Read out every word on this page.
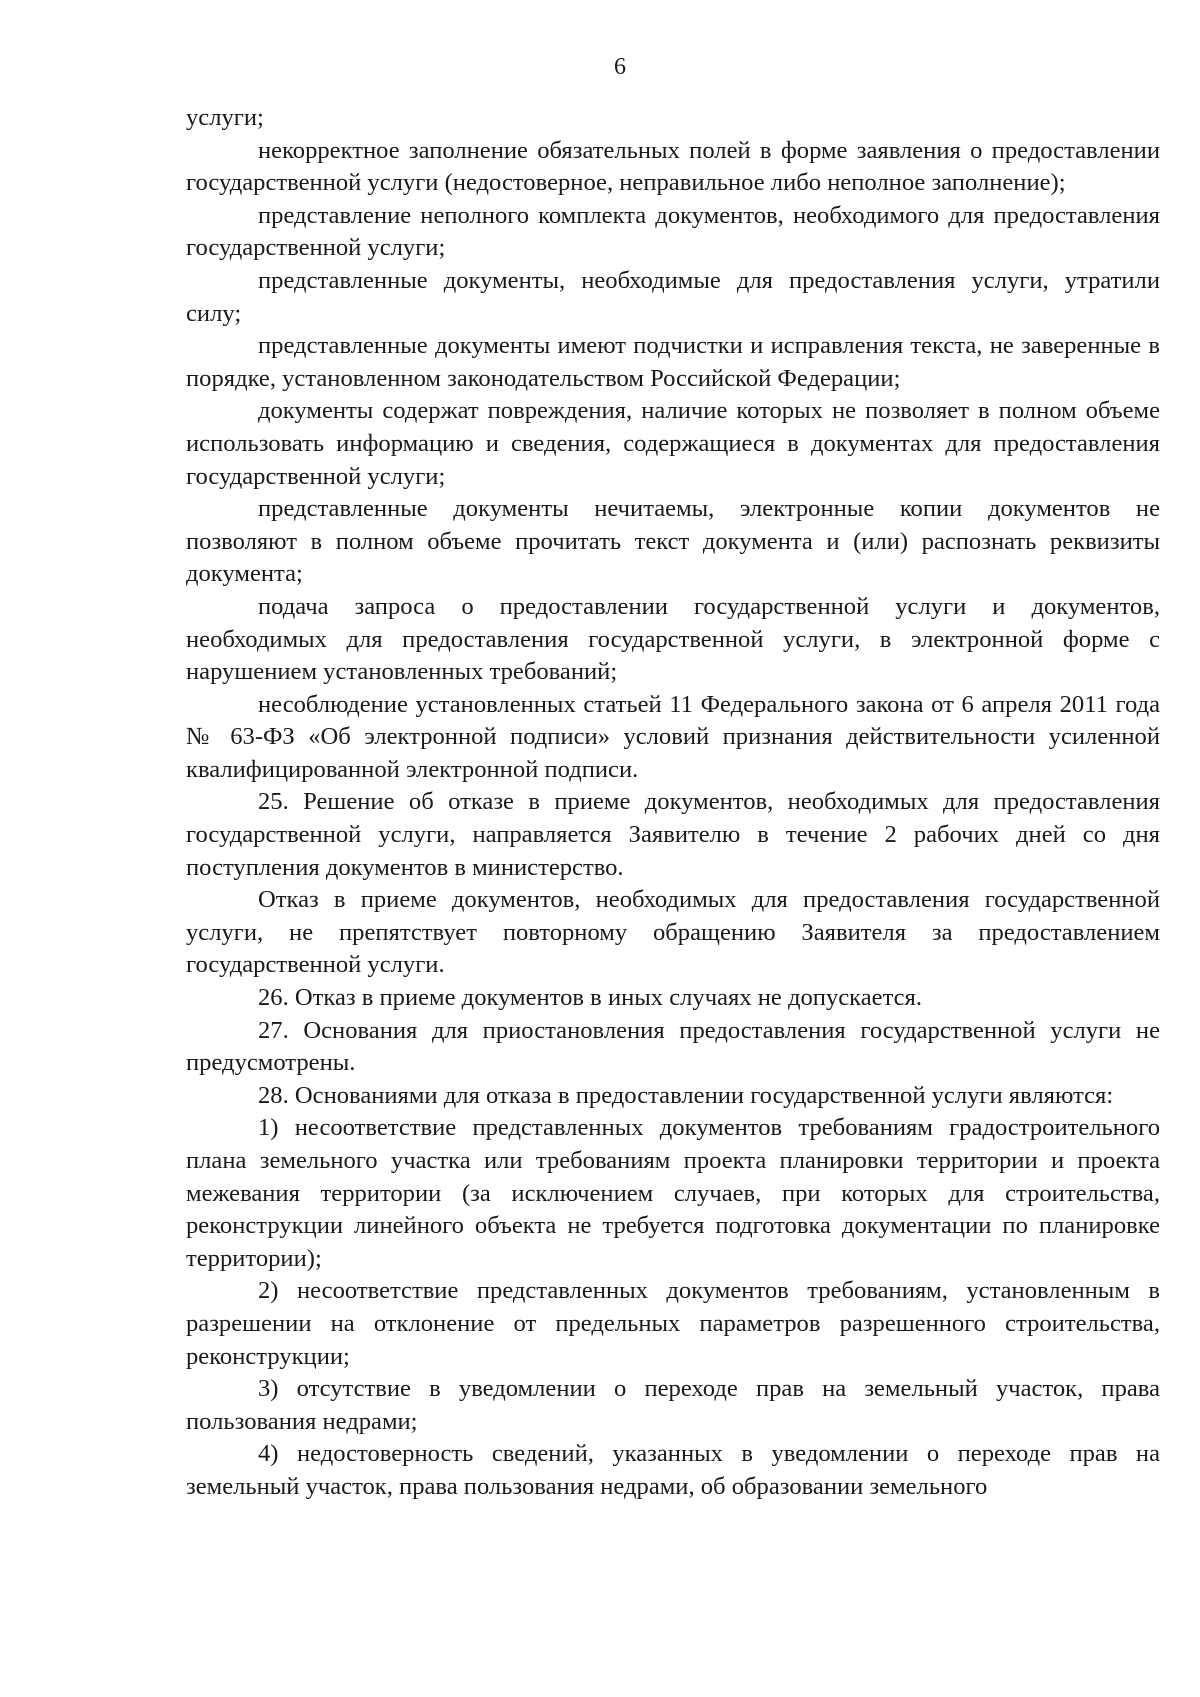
6

услуги;

некорректное заполнение обязательных полей в форме заявления о предоставлении государственной услуги (недостоверное, неправильное либо неполное заполнение);

представление неполного комплекта документов, необходимого для предоставления государственной услуги;

представленные документы, необходимые для предоставления услуги, утратили силу;

представленные документы имеют подчистки и исправления текста, не заверенные в порядке, установленном законодательством Российской Федерации;

документы содержат повреждения, наличие которых не позволяет в полном объеме использовать информацию и сведения, содержащиеся в документах для предоставления государственной услуги;

представленные документы нечитаемы, электронные копии документов не позволяют в полном объеме прочитать текст документа и (или) распознать реквизиты документа;

подача запроса о предоставлении государственной услуги и документов, необходимых для предоставления государственной услуги, в электронной форме с нарушением установленных требований;

несоблюдение установленных статьей 11 Федерального закона от 6 апреля 2011 года № 63-ФЗ «Об электронной подписи» условий признания действительности усиленной квалифицированной электронной подписи.

25. Решение об отказе в приеме документов, необходимых для предоставления государственной услуги, направляется Заявителю в течение 2 рабочих дней со дня поступления документов в министерство.

Отказ в приеме документов, необходимых для предоставления государственной услуги, не препятствует повторному обращению Заявителя за предоставлением государственной услуги.

26. Отказ в приеме документов в иных случаях не допускается.

27. Основания для приостановления предоставления государственной услуги не предусмотрены.

28. Основаниями для отказа в предоставлении государственной услуги являются:

1) несоответствие представленных документов требованиям градостроительного плана земельного участка или требованиям проекта планировки территории и проекта межевания территории (за исключением случаев, при которых для строительства, реконструкции линейного объекта не требуется подготовка документации по планировке территории);

2) несоответствие представленных документов требованиям, установленным в разрешении на отклонение от предельных параметров разрешенного строительства, реконструкции;

3) отсутствие в уведомлении о переходе прав на земельный участок, права пользования недрами;

4) недостоверность сведений, указанных в уведомлении о переходе прав на земельный участок, права пользования недрами, об образовании земельного
